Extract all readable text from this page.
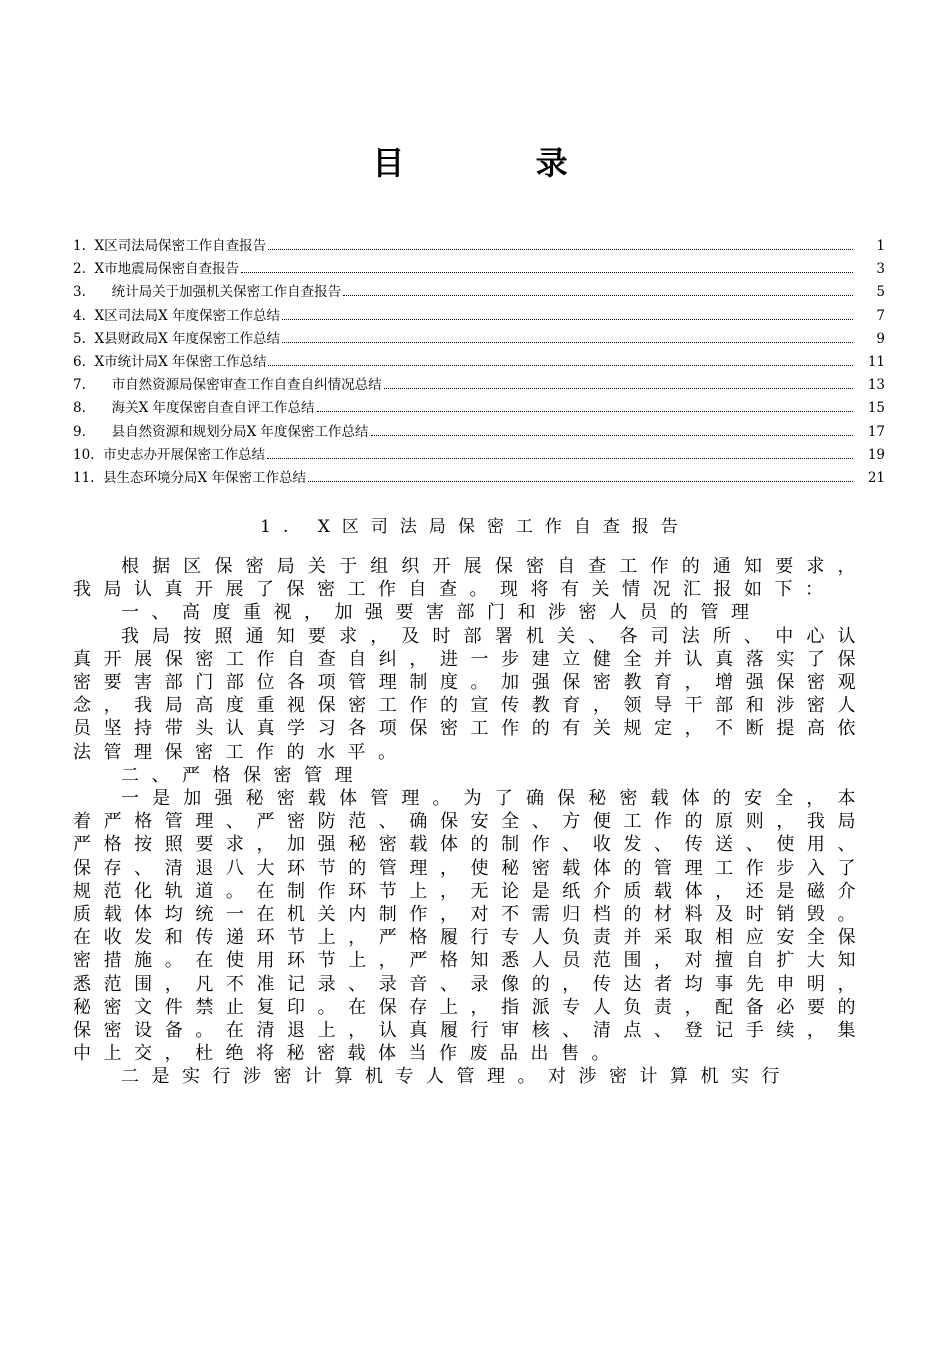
目 录
1. X区司法局保密工作自查报告	1
2. X市地震局保密自查报告	3
3. 统计局关于加强机关保密工作自查报告	5
4. X区司法局X 年度保密工作总结	7
5. X县财政局X 年度保密工作总结	9
6. X市统计局X 年保密工作总结	11
7. 市自然资源局保密审查工作自查自纠情况总结	13
8. 海关X 年度保密自查自评工作总结	15
9. 县自然资源和规划分局X 年度保密工作总结	17
10. 市史志办开展保密工作总结	19
11. 县生态环境分局X 年保密工作总结	21
1. X区司法局保密工作自查报告

根据区保密局关于组织开展保密自查工作的通知要求，我局认真开展了保密工作自查。现将有关情况汇报如下：

一、高度重视，加强要害部门和涉密人员的管理

我局按照通知要求，及时部署机关、各司法所、中心认真开展保密工作自查自纠，进一步建立健全并认真落实了保密要害部门部位各项管理制度。加强保密教育，增强保密观念，我局高度重视保密工作的宣传教育，领导干部和涉密人员坚持带头认真学习各项保密工作的有关规定，不断提高依法管理保密工作的水平。

二、严格保密管理

一是加强秘密载体管理。为了确保秘密载体的安全，本着严格管理、严密防范、确保安全、方便工作的原则，我局严格按照要求，加强秘密载体的制作、收发、传送、使用、保存、清退八大环节的管理，使秘密载体的管理工作步入了规范化轨道。在制作环节上，无论是纸介质载体，还是磁介质载体均统一在机关内制作，对不需归档的材料及时销毁。在收发和传递环节上，严格履行专人负责并采取相应安全保密措施。在使用环节上，严格知悉人员范围，对擅自扩大知悉范围，凡不准记录、录音、录像的，传达者均事先申明，秘密文件禁止复印。在保存上，指派专人负责，配备必要的保密设备。在清退上，认真履行审核、清点、登记手续，集中上交，杜绝将秘密载体当作废品出售。

二是实行涉密计算机专人管理。对涉密计算机实行
